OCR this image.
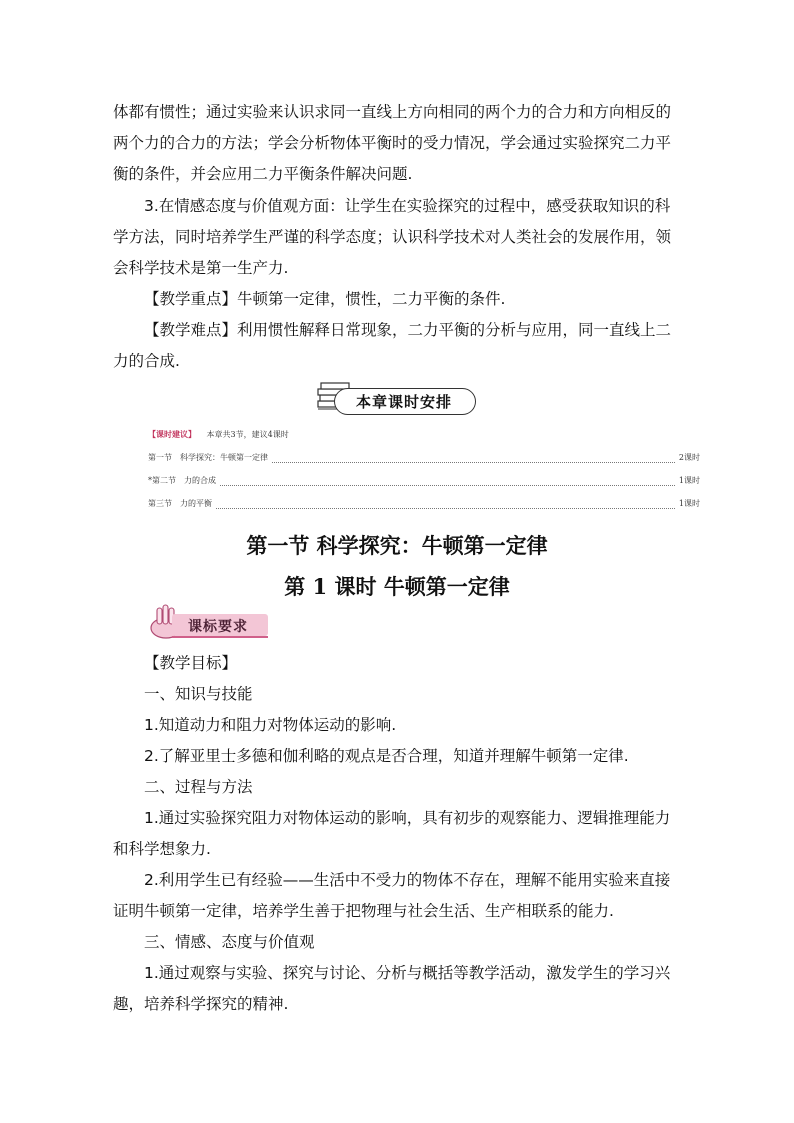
体都有惯性；通过实验来认识求同一直线上方向相同的两个力的合力和方向相反的两个力的合力的方法；学会分析物体平衡时的受力情况，学会通过实验探究二力平衡的条件，并会应用二力平衡条件解决问题.

3.在情感态度与价值观方面：让学生在实验探究的过程中，感受获取知识的科学方法，同时培养学生严谨的科学态度；认识科学技术对人类社会的发展作用，领会科学技术是第一生产力.

【教学重点】牛顿第一定律，惯性，二力平衡的条件.

【教学难点】利用惯性解释日常现象，二力平衡的分析与应用，同一直线上二力的合成.

本章课时安排
【课时建议】 本章共3节，建议4课时
第一节　科学探究：牛顿第一定律	2课时
*第二节　力的合成	1课时
第三节　力的平衡	1课时
第一节 科学探究：牛顿第一定律
第 1 课时 牛顿第一定律
课标要求
【教学目标】
一、知识与技能
1.知道动力和阻力对物体运动的影响.
2.了解亚里士多德和伽利略的观点是否合理，知道并理解牛顿第一定律.
二、过程与方法

1.通过实验探究阻力对物体运动的影响，具有初步的观察能力、逻辑推理能力和科学想象力.

2.利用学生已有经验——生活中不受力的物体不存在，理解不能用实验来直接证明牛顿第一定律，培养学生善于把物理与社会生活、生产相联系的能力.

三、情感、态度与价值观

1.通过观察与实验、探究与讨论、分析与概括等教学活动，激发学生的学习兴趣，培养科学探究的精神.
